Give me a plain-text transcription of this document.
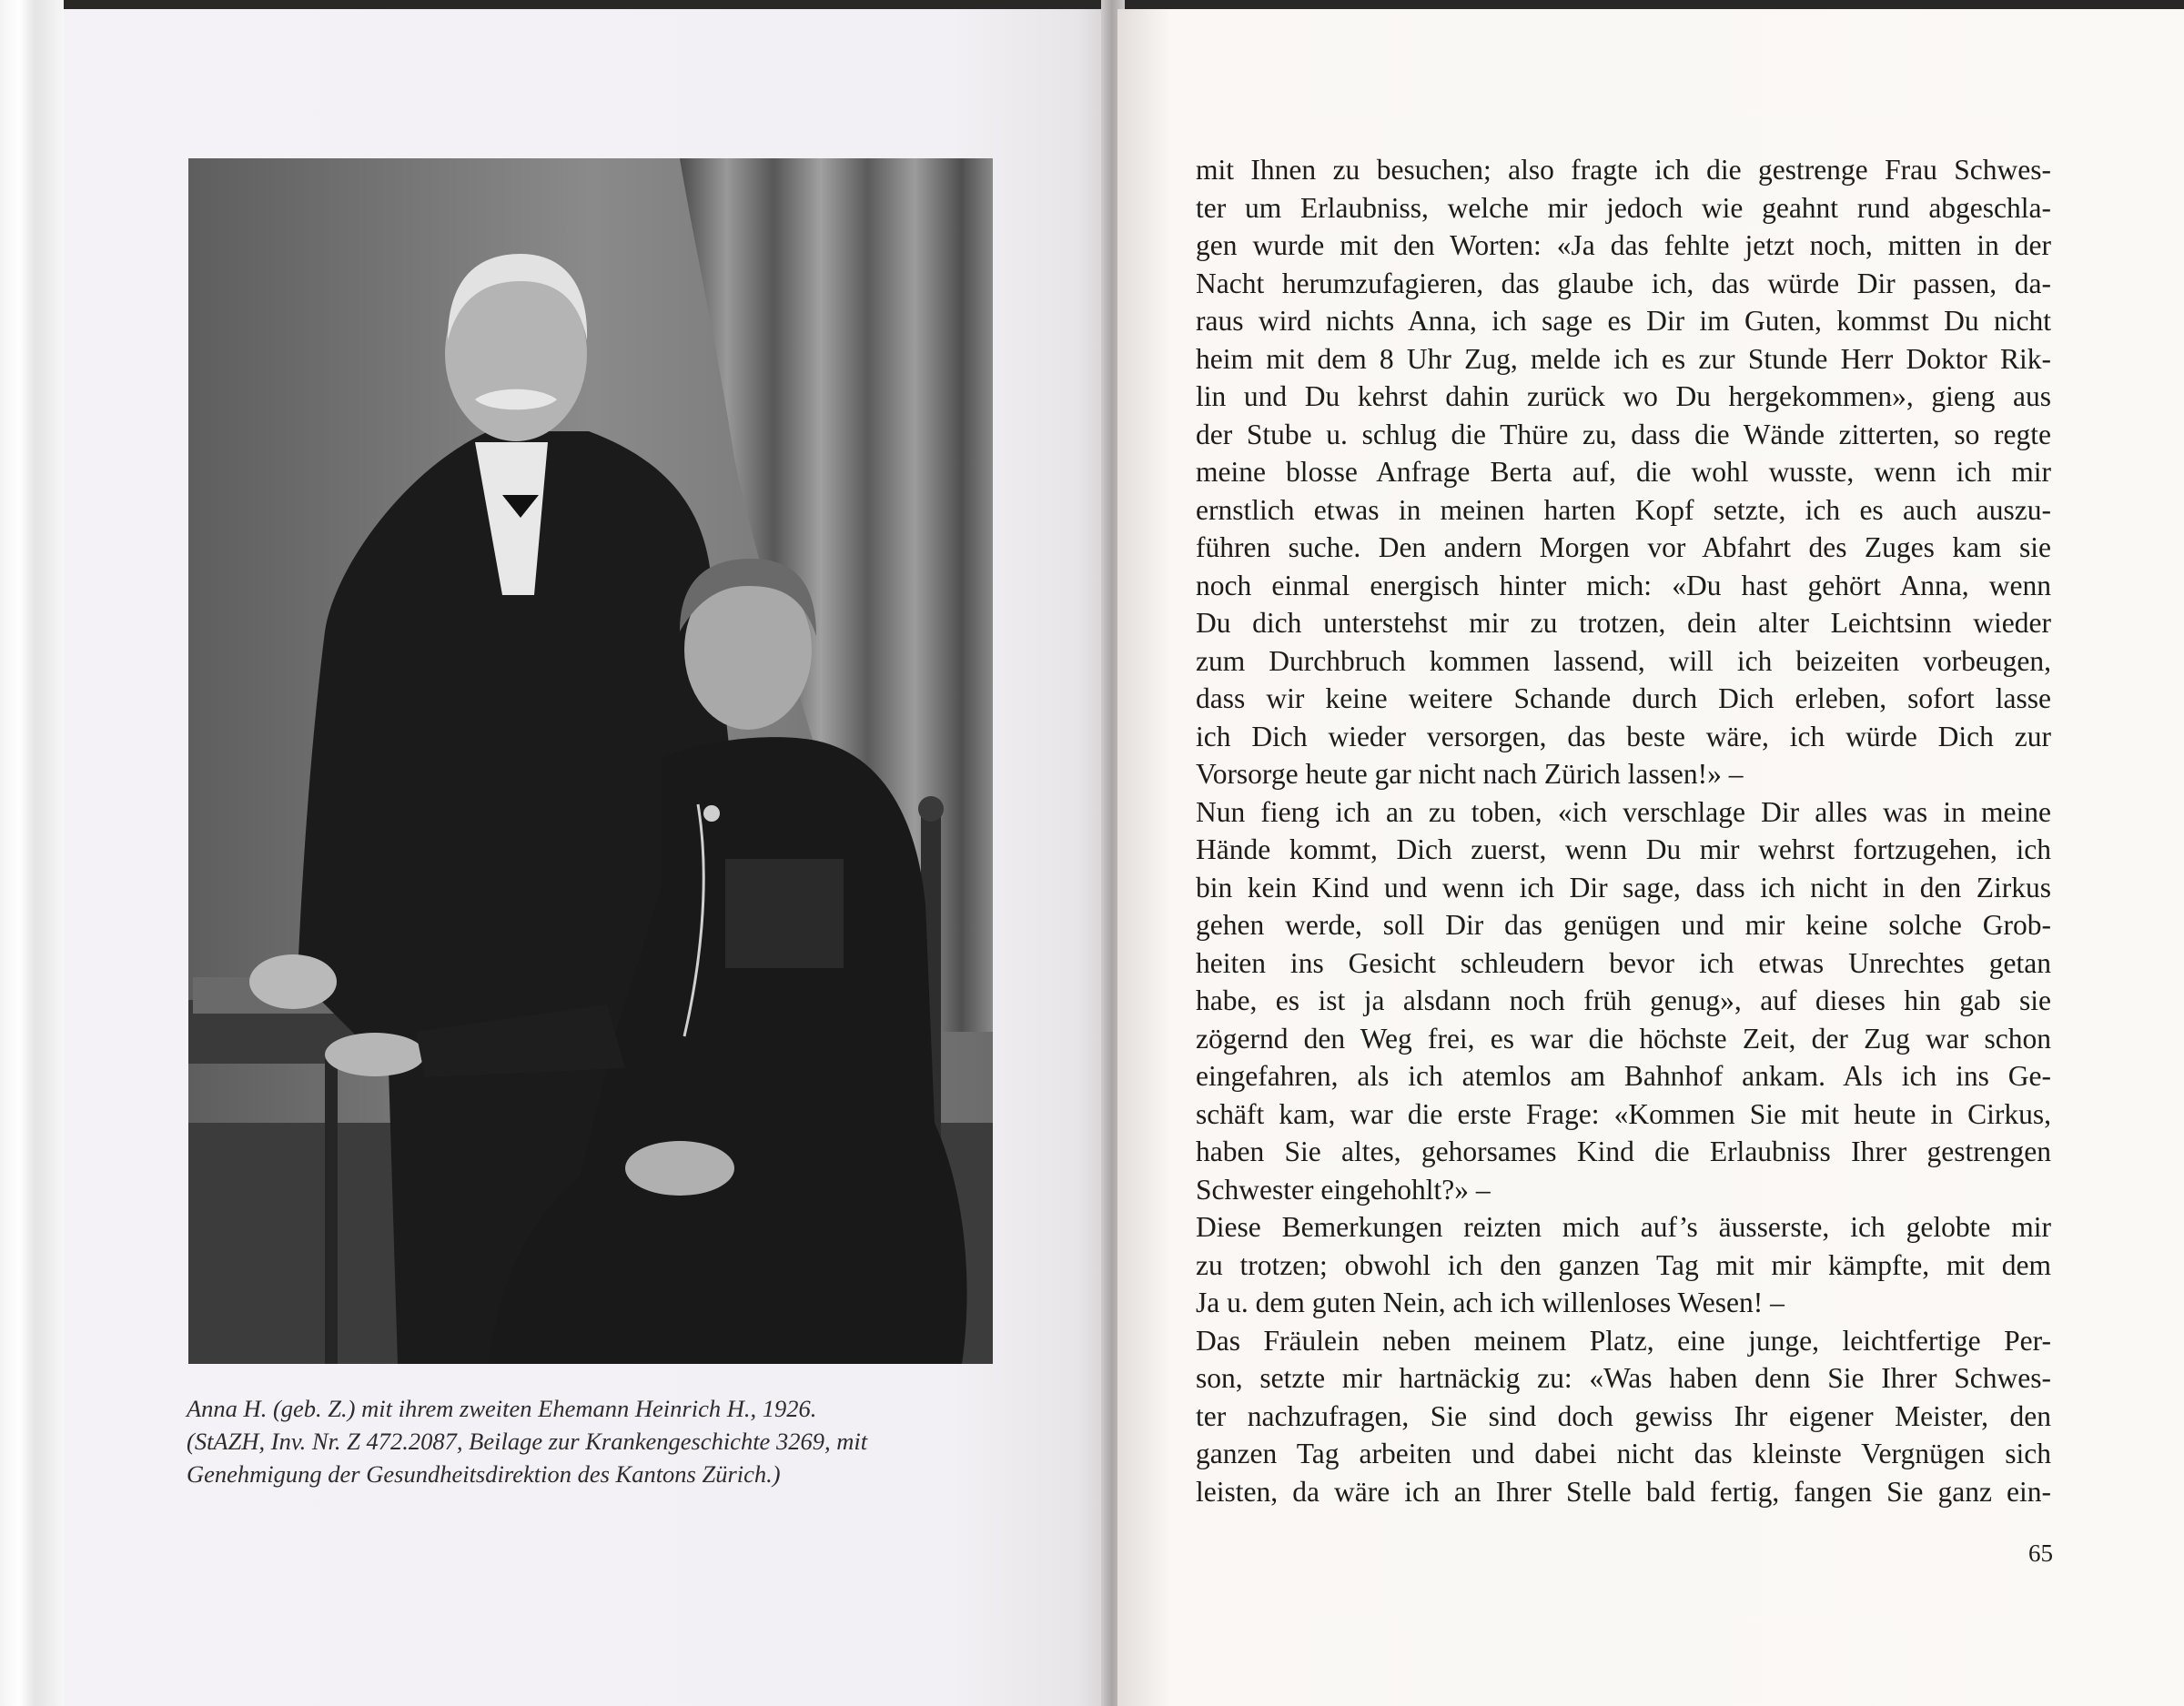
Anna H. (geb. Z.) mit ihrem zweiten Ehemann Heinrich H., 1926.
(StAZH, Inv. Nr. Z 472.2087, Beilage zur Krankengeschichte 3269, mit
Genehmigung der Gesundheitsdirektion des Kantons Zürich.)
mit Ihnen zu besuchen; also fragte ich die gestrenge Frau Schwes-
ter um Erlaubniss, welche mir jedoch wie geahnt rund abgeschla-
gen wurde mit den Worten: «Ja das fehlte jetzt noch, mitten in der
Nacht herumzufagieren, das glaube ich, das würde Dir passen, da-
raus wird nichts Anna, ich sage es Dir im Guten, kommst Du nicht
heim mit dem 8 Uhr Zug, melde ich es zur Stunde Herr Doktor Rik-
lin und Du kehrst dahin zurück wo Du hergekommen», gieng aus
der Stube u. schlug die Thüre zu, dass die Wände zitterten, so regte
meine blosse Anfrage Berta auf, die wohl wusste, wenn ich mir
ernstlich etwas in meinen harten Kopf setzte, ich es auch auszu-
führen suche. Den andern Morgen vor Abfahrt des Zuges kam sie
noch einmal energisch hinter mich: «Du hast gehört Anna, wenn
Du dich unterstehst mir zu trotzen, dein alter Leichtsinn wieder
zum Durchbruch kommen lassend, will ich beizeiten vorbeugen,
dass wir keine weitere Schande durch Dich erleben, sofort lasse
ich Dich wieder versorgen, das beste wäre, ich würde Dich zur
Vorsorge heute gar nicht nach Zürich lassen!» –
Nun fieng ich an zu toben, «ich verschlage Dir alles was in meine
Hände kommt, Dich zuerst, wenn Du mir wehrst fortzugehen, ich
bin kein Kind und wenn ich Dir sage, dass ich nicht in den Zirkus
gehen werde, soll Dir das genügen und mir keine solche Grob-
heiten ins Gesicht schleudern bevor ich etwas Unrechtes getan
habe, es ist ja alsdann noch früh genug», auf dieses hin gab sie
zögernd den Weg frei, es war die höchste Zeit, der Zug war schon
eingefahren, als ich atemlos am Bahnhof ankam. Als ich ins Ge-
schäft kam, war die erste Frage: «Kommen Sie mit heute in Cirkus,
haben Sie altes, gehorsames Kind die Erlaubniss Ihrer gestrengen
Schwester eingehohlt?» –
Diese Bemerkungen reizten mich auf’s äusserste, ich gelobte mir
zu trotzen; obwohl ich den ganzen Tag mit mir kämpfte, mit dem
Ja u. dem guten Nein, ach ich willenloses Wesen! –
Das Fräulein neben meinem Platz, eine junge, leichtfertige Per-
son, setzte mir hartnäckig zu: «Was haben denn Sie Ihrer Schwes-
ter nachzufragen, Sie sind doch gewiss Ihr eigener Meister, den
ganzen Tag arbeiten und dabei nicht das kleinste Vergnügen sich
leisten, da wäre ich an Ihrer Stelle bald fertig, fangen Sie ganz ein-
65
